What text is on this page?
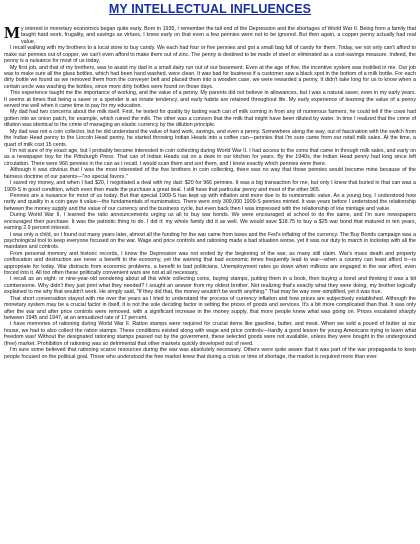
MY INTELLECTUAL INFLUENCES

My interest in monetary economics began quite early. Born in 1935, I remember the tail end of the Depression and the shortages of World War II. Being from a family that taught hard work, frugality, and savings as virtues, I knew early on that even a few pennies were not to be ignored. But then again, a copper penny actually had real value.

I recall walking with my brothers to a local store to buy candy. We each had four or five pennies and got a small bag full of candy for them. Today, we not only can't afford to make our pennies out of copper, we can't even afford to make them out of zinc. The penny is destined to be made of steel or eliminated as a cost-savings measure. Indeed, the penny is a nuisance for most of us today.

My first job, and that of my brothers, was to assist my dad in a small dairy run out of our basement. Even at the age of five, the incentive system was instilled in me. Our job was to make sure all the glass bottles, which had been hand washed, were clean. It was bad for business if a customer saw a black spot in the bottom of a milk bottle. For each dirty bottle we found as we removed them from the conveyer belt and placed them into a wooden case, we were rewarded a penny. It didn't take long for us to know when a certain uncle was washing the bottles, since more dirty bottles were found on those days.

This experience taught me the importance of working, and the value of a penny. My parents did not believe in allowances, but I was a natural saver, even in my early years. It seems at times that being a saver or a spender is an innate tendency, and early habits are retained throughout life. My early experience of learning the value of a penny served me well when it came time to pay for my education.

My dad had two concerns about the milk itself. First, he tested for quality by tasting each can of milk coming in from any of numerous farmers; he could tell if the cows had gotten into an onion patch, for example, which ruined the milk. The other was a concern that the milk that might have been diluted by water. In time I realized that the crime of dilution was identical to the crime of managing an elastic currency by the dilution principle.

My dad was not a coin collector, but he did understand the value of hard work, savings, and even a penny. Somewhere along the way, out of fascination with the switch from the Indian Head penny to the Lincoln Head penny, he started throwing Indian Heads into a coffee can—pennies that I'm sure came from our retail milk sales. At the time, a quart of milk cost 15 cents.

I'm not sure of my exact age, but I probably became interested in coin collecting during World War II. I had access to the coins that came in through milk sales, and early on as a newspaper boy for the Pittsburgh Press. That can of Indian Heads sat on a desk in our kitchen for years. By the 1940s, the Indian Head penny had long since left circulation. There were 966 pennies in the can as I recall. I would scan them and sort them, and I knew exactly which pennies were there.

Although it was obvious that I was the most interested of the five brothers in coin collecting, there was no way that those pennies would become mine because of the fairness doctrine of our parents—"no special favors."

I saved my money, and when I had $20, I negotiated a deal with my dad: $20 for 966 pennies. It was a big transaction for me, but only I knew that buried in that can was a 1909-S in good condition, which even then made the purchase a great deal. I still have that particular penny and most of the other 965.

Pennies are a nuisance for most of us today. But that special 1909-S has kept up with inflation and more due to its numismatic value. As a young boy, I understood how rarity and quality in a coin gave it value—the fundamentals of numismatics. There were only 309,000 1909-S pennies minted. It was years before I understood the relationship between the money supply and the value of our currency and the business cycle, but even back then I was impressed with the relationship of low mintage and value.

During World War II, I learned the ratio announcements urging us all to buy war bonds. We were encouraged at school to do the same, and I'm sure newspapers encouraged their purchase. It was the patriotic thing to do. I did it: my whole family did it as well. We would save $18.75 to buy a $25 war bond that matured in ten years, earning 2.9 percent interest.

I was only a child, so I found out many years later, almost all the funding for the war came from taxes and the Fed's inflating of the currency. The Buy Bonds campaign was a psychological tool to keep everyone focused on the war. Wage and price controls and rationing made a bad situation worse, yet it was our duty to march in lockstep with all the mandates and controls.

From personal memory and historic records, I know the Depression was not ended by the beginning of the war, as many still claim. War's mass death and property confiscation and destruction are never a benefit to the economy, yet the warning that bad economic times frequently lead to war—when a country can least afford it—is appropriate for today. War distracts from economic problems, a benefit to bad politicians. Unemployment rates go down when millions are engaged in the war effort, even forced into it. All too often these politically convenient wars are not at all necessary.

I recall as an eight- or nine-year-old wondering about all this while collecting coins, buying stamps, putting them in a book, then buying a bond and thinking it was a bit cumbersome. Why didn't they just print what they needed? I sought an answer from my oldest brother. Not realizing that's exactly what they were doing, my brother logically explained to me why that wouldn't work. He simply said, "If they did that, the money wouldn't be worth anything." That may be way over-simplified, yet it was true.

That short conversation stayed with me over the years as I tried to understand the process of currency inflation and how prices are subjectively established. Although the monetary system may be a crucial factor in itself, it is not the sole deciding factor in setting the prices of goods and services. It's a bit more complicated than that. It was only after the war and after price controls were removed, with a significant increase in the money supply, that more people knew what was going on. Prices escalated sharply between 1945 and 1947, at an annualized rate of 17 percent.

I have memories of rationing during World War II. Ration stamps were required for crucial items like gasoline, butter, and meat. When we sold a pound of butter at our house, we had to also collect the ration stamps. These conditions existed along with wage and price controls—hardly a good lesson for young Americans trying to learn what freedom was! Without the designated rationing stamps passed out by the government, these selected goods were not available, unless they were bought in the underground (free) market. Prohibition of rationing was so detrimental that other markets quickly developed out of need.

I'm sure some believed that rationing scarce resources during the war was absolutely necessary. Others were quite aware that it was part of the war propaganda to keep people focused on the political goal. Those who understood the free market knew that during a crisis or time of shortage, the market is required more than ever.
